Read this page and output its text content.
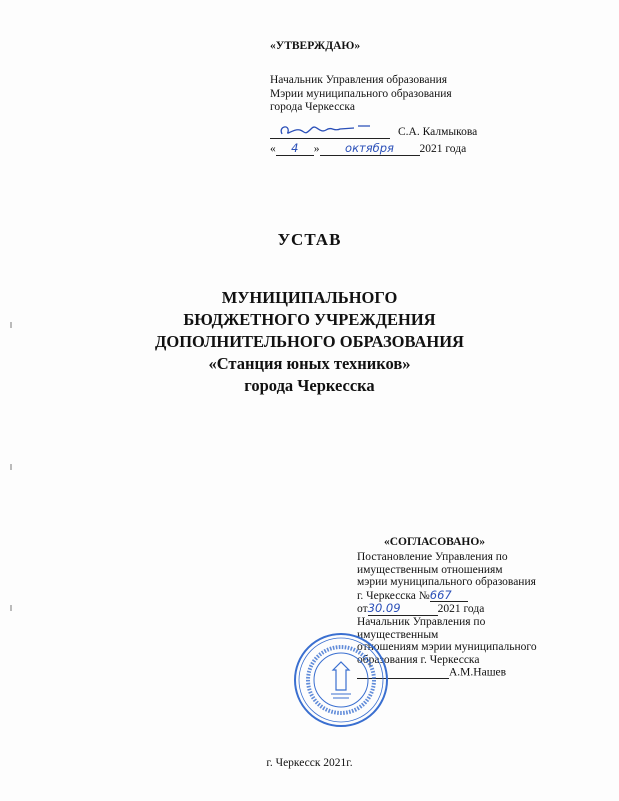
«УТВЕРЖДАЮ»
Начальник Управления образования
Мэрии муниципального образования
города Черкесска
С.А. Калмыкова
« 4 » октября 2021 года
УСТАВ
МУНИЦИПАЛЬНОГО
БЮДЖЕТНОГО УЧРЕЖДЕНИЯ
ДОПОЛНИТЕЛЬНОГО ОБРАЗОВАНИЯ
«Станция юных техников»
города Черкесска
«СОГЛАСОВАНО»
Постановление Управления по
имущественным отношениям
мэрии муниципального образования
г. Черкесска №667
от30.09	2021 года
Начальник Управления по
имущественным
отношениям мэрии муниципального
образования г. Черкесска
А.М.Нашев
г. Черкесск 2021г.
